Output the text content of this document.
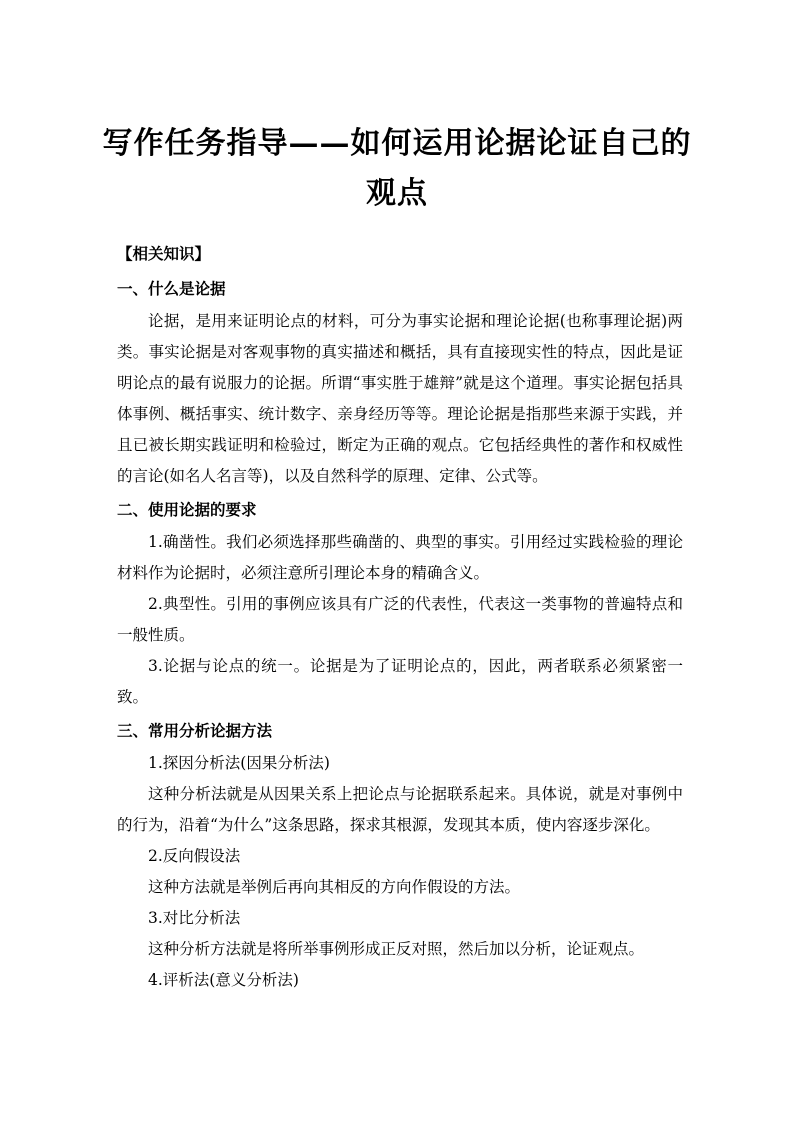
写作任务指导——如何运用论据论证自己的
观点

【相关知识】

一、什么是论据

论据，是用来证明论点的材料，可分为事实论据和理论论据(也称事理论据)两类。事实论据是对客观事物的真实描述和概括，具有直接现实性的特点，因此是证明论点的最有说服力的论据。所谓“事实胜于雄辩”就是这个道理。事实论据包括具体事例、概括事实、统计数字、亲身经历等等。理论论据是指那些来源于实践，并且已被长期实践证明和检验过，断定为正确的观点。它包括经典性的著作和权威性的言论(如名人名言等)，以及自然科学的原理、定律、公式等。

二、使用论据的要求

1.确凿性。我们必须选择那些确凿的、典型的事实。引用经过实践检验的理论材料作为论据时，必须注意所引理论本身的精确含义。

2.典型性。引用的事例应该具有广泛的代表性，代表这一类事物的普遍特点和一般性质。

3.论据与论点的统一。论据是为了证明论点的，因此，两者联系必须紧密一致。

三、常用分析论据方法

1.探因分析法(因果分析法)

这种分析法就是从因果关系上把论点与论据联系起来。具体说，就是对事例中的行为，沿着“为什么”这条思路，探求其根源，发现其本质，使内容逐步深化。

2.反向假设法

这种方法就是举例后再向其相反的方向作假设的方法。

3.对比分析法

这种分析方法就是将所举事例形成正反对照，然后加以分析，论证观点。

4.评析法(意义分析法)
